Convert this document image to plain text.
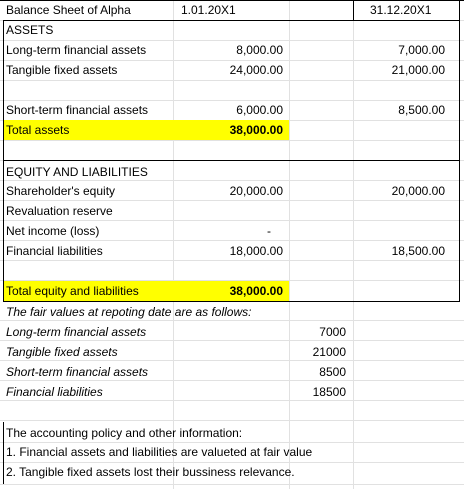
Balance Sheet of Alpha	1.01.20X1	31.12.20X1
ASSETS
Long-term financial assets	8,000.00	7,000.00
Tangible fixed assets	24,000.00	21,000.00
Short-term financial assets	6,000.00	8,500.00
Total assets	38,000.00
EQUITY AND LIABILITIES
Shareholder's equity	20,000.00	20,000.00
Revaluation reserve
Net income (loss)	-
Financial liabilities	18,000.00	18,500.00
Total equity and liabilities	38,000.00
The fair values at repoting date are as follows:
Long-term financial assets	7000
Tangible fixed assets	21000
Short-term financial assets	8500
Financial liabilities	18500
The accounting policy and other information:
1. Financial assets and liabilities are valueted at fair value
2. Tangible fixed assets lost their bussiness relevance.
